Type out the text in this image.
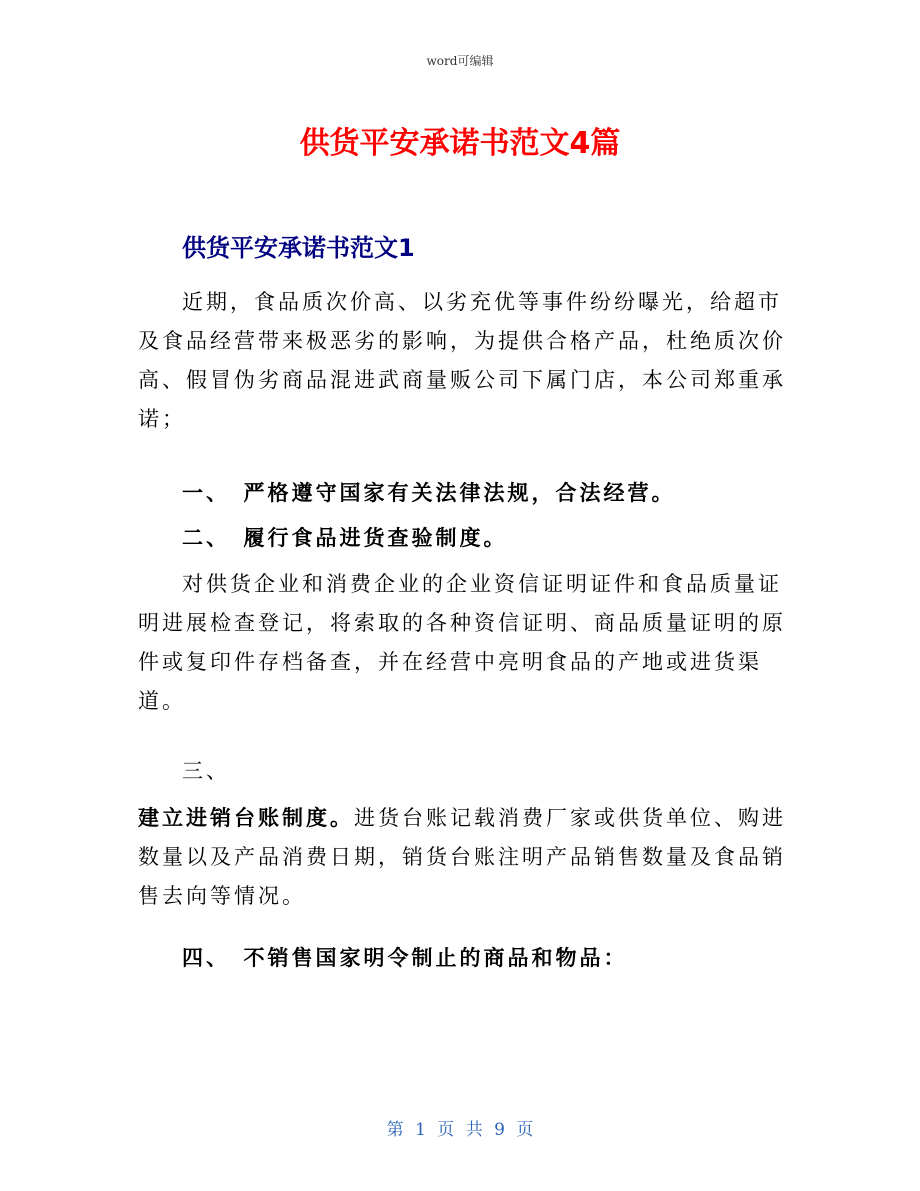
word可编辑
供货平安承诺书范文4篇
供货平安承诺书范文1

近期，食品质次价高、以劣充优等事件纷纷曝光，给超市及食品经营带来极恶劣的影响，为提供合格产品，杜绝质次价高、假冒伪劣商品混进武商量贩公司下属门店，本公司郑重承诺；

一、　严格遵守国家有关法律法规，合法经营。

二、　履行食品进货查验制度。

对供货企业和消费企业的企业资信证明证件和食品质量证明进展检查登记，将索取的各种资信证明、商品质量证明的原件或复印件存档备查，并在经营中亮明食品的产地或进货渠道。

三、

建立进销台账制度。进货台账记载消费厂家或供货单位、购进数量以及产品消费日期，销货台账注明产品销售数量及食品销售去向等情况。

四、　不销售国家明令制止的商品和物品：

第 1 页 共 9 页
